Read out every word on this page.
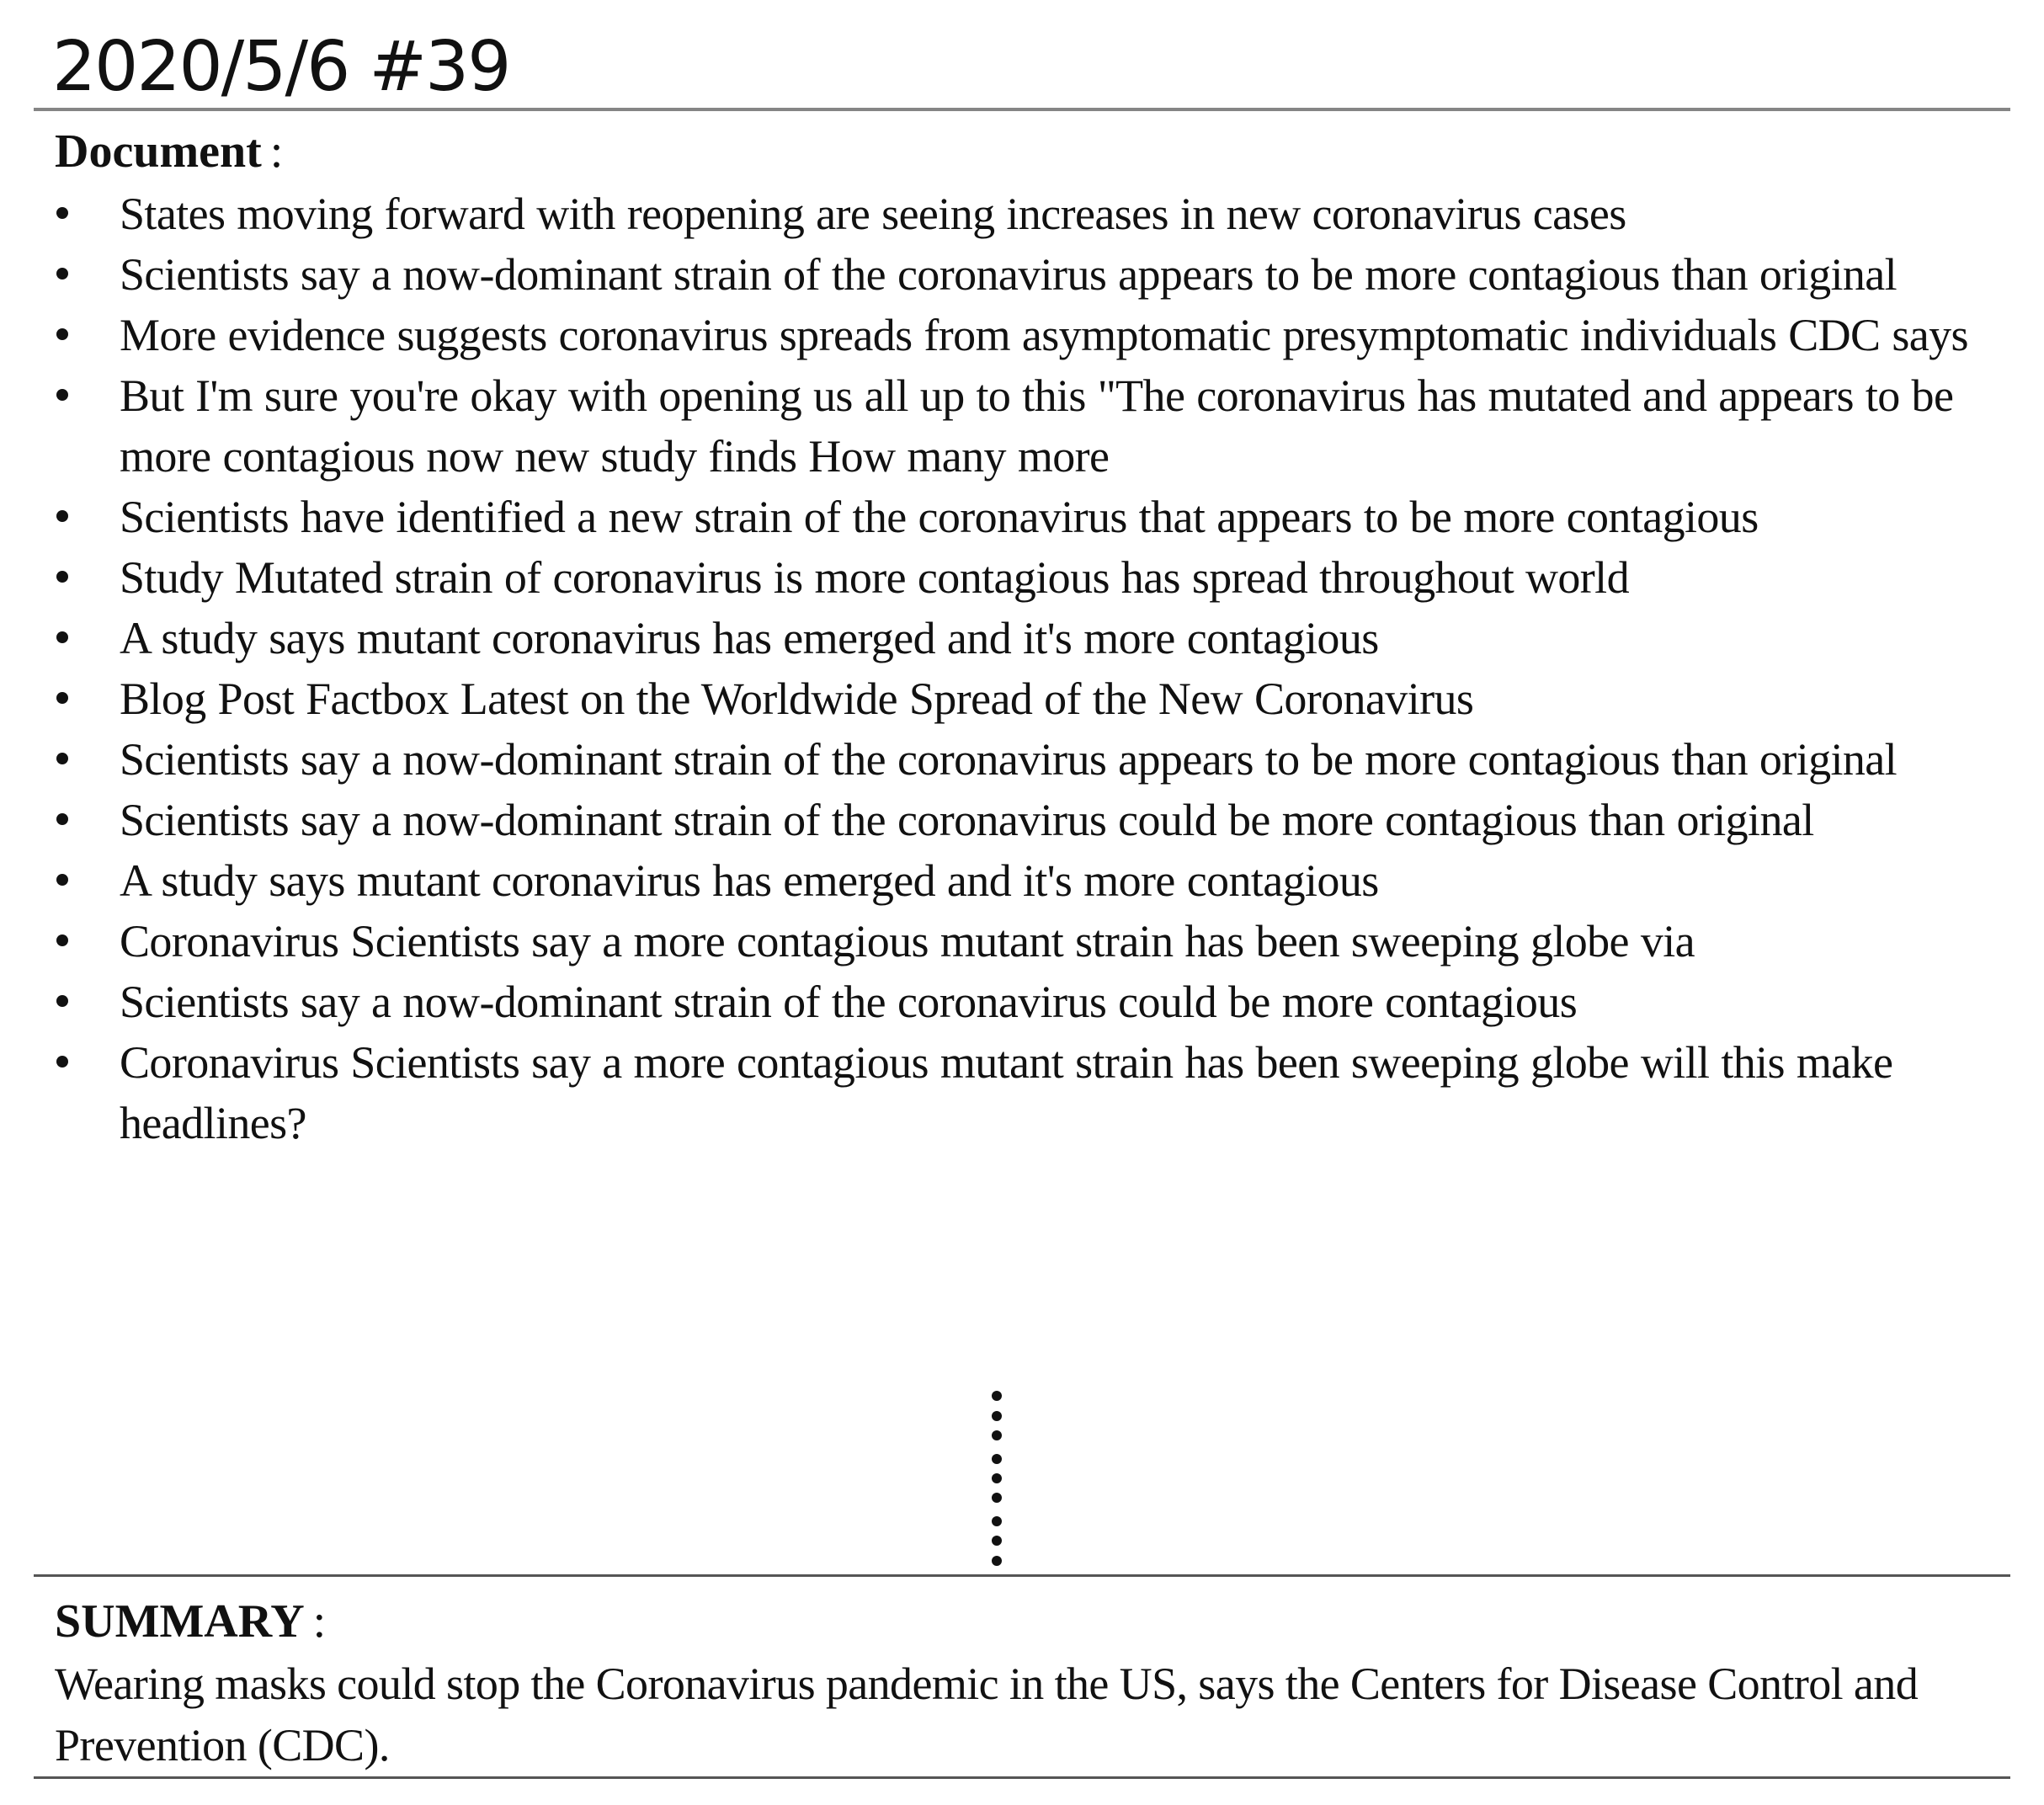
2020/5/6 #39
Document :
States moving forward with reopening are seeing increases in new coronavirus cases
Scientists say a now-dominant strain of the coronavirus appears to be more contagious than original
More evidence suggests coronavirus spreads from asymptomatic presymptomatic individuals CDC says
But I'm sure you're okay with opening us all up to this "The coronavirus has mutated and appears to be more contagious now new study finds How many more
Scientists have identified a new strain of the coronavirus that appears to be more contagious
Study Mutated strain of coronavirus is more contagious has spread throughout world
A study says mutant coronavirus has emerged and it's more contagious
Blog Post Factbox Latest on the Worldwide Spread of the New Coronavirus
Scientists say a now-dominant strain of the coronavirus appears to be more contagious than original
Scientists say a now-dominant strain of the coronavirus could be more contagious than original
A study says mutant coronavirus has emerged and it's more contagious
Coronavirus Scientists say a more contagious mutant strain has been sweeping globe via
Scientists say a now-dominant strain of the coronavirus could be more contagious
Coronavirus Scientists say a more contagious mutant strain has been sweeping globe will this make headlines?
SUMMARY :
Wearing masks could stop the Coronavirus pandemic in the US, says the Centers for Disease Control and Prevention (CDC).
